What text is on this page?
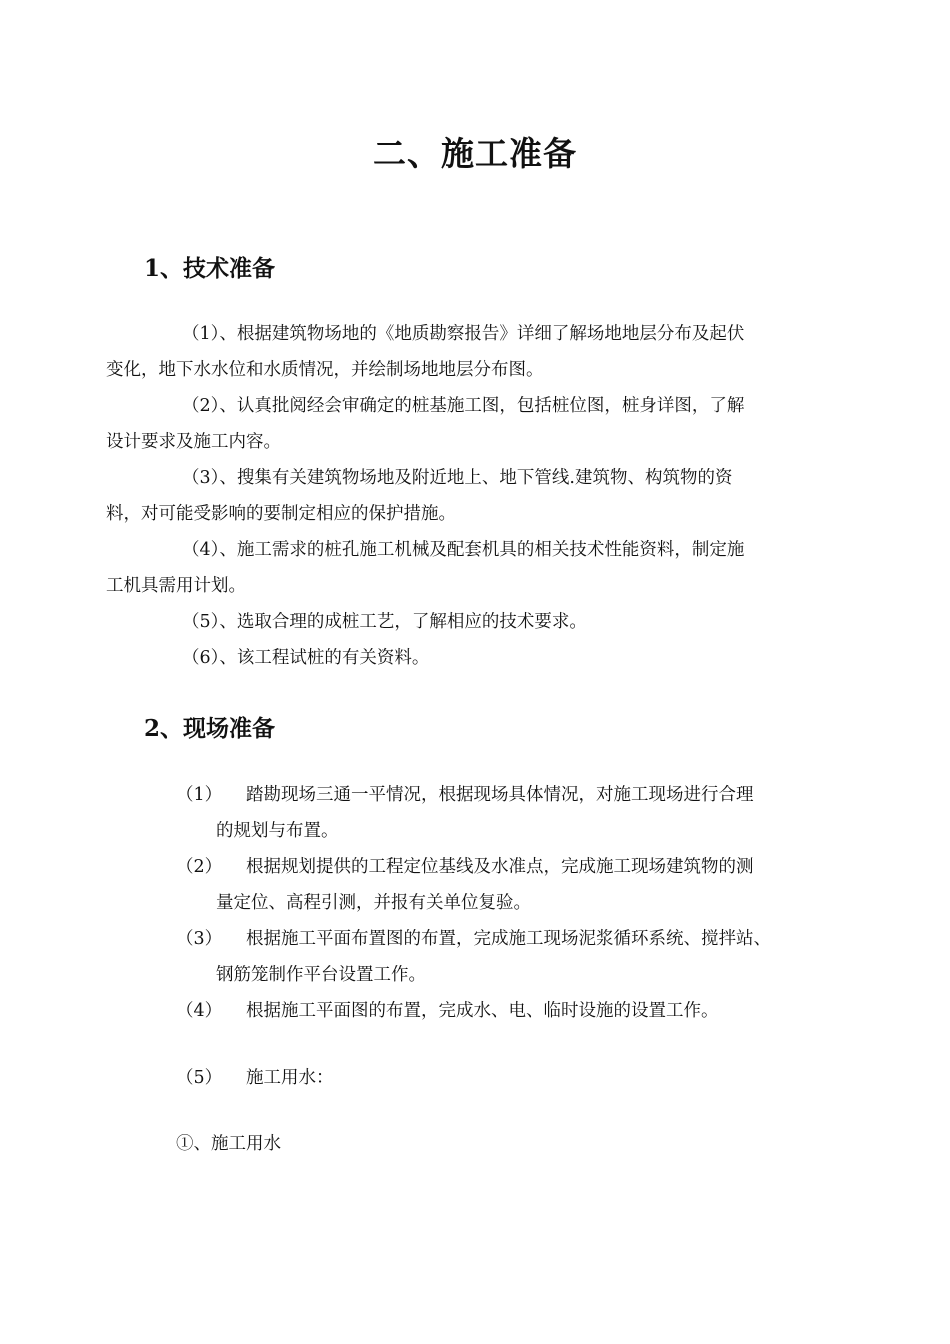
二、施工准备
1、技术准备
（1）、根据建筑物场地的《地质勘察报告》详细了解场地地层分布及起伏
变化，地下水水位和水质情况，并绘制场地地层分布图。
（2）、认真批阅经会审确定的桩基施工图，包括桩位图，桩身详图，了解
设计要求及施工内容。
（3）、搜集有关建筑物场地及附近地上、地下管线.建筑物、构筑物的资
料，对可能受影响的要制定相应的保护措施。
（4）、施工需求的桩孔施工机械及配套机具的相关技术性能资料，制定施
工机具需用计划。
（5）、选取合理的成桩工艺，了解相应的技术要求。
（6）、该工程试桩的有关资料。
2、现场准备
（1）	踏勘现场三通一平情况，根据现场具体情况，对施工现场进行合理
的规划与布置。
（2）	根据规划提供的工程定位基线及水准点，完成施工现场建筑物的测
量定位、高程引测，并报有关单位复验。
（3）	根据施工平面布置图的布置，完成施工现场泥浆循环系统、搅拌站、
钢筋笼制作平台设置工作。
（4）	根据施工平面图的布置，完成水、电、临时设施的设置工作。
（5）	施工用水：
①、施工用水
